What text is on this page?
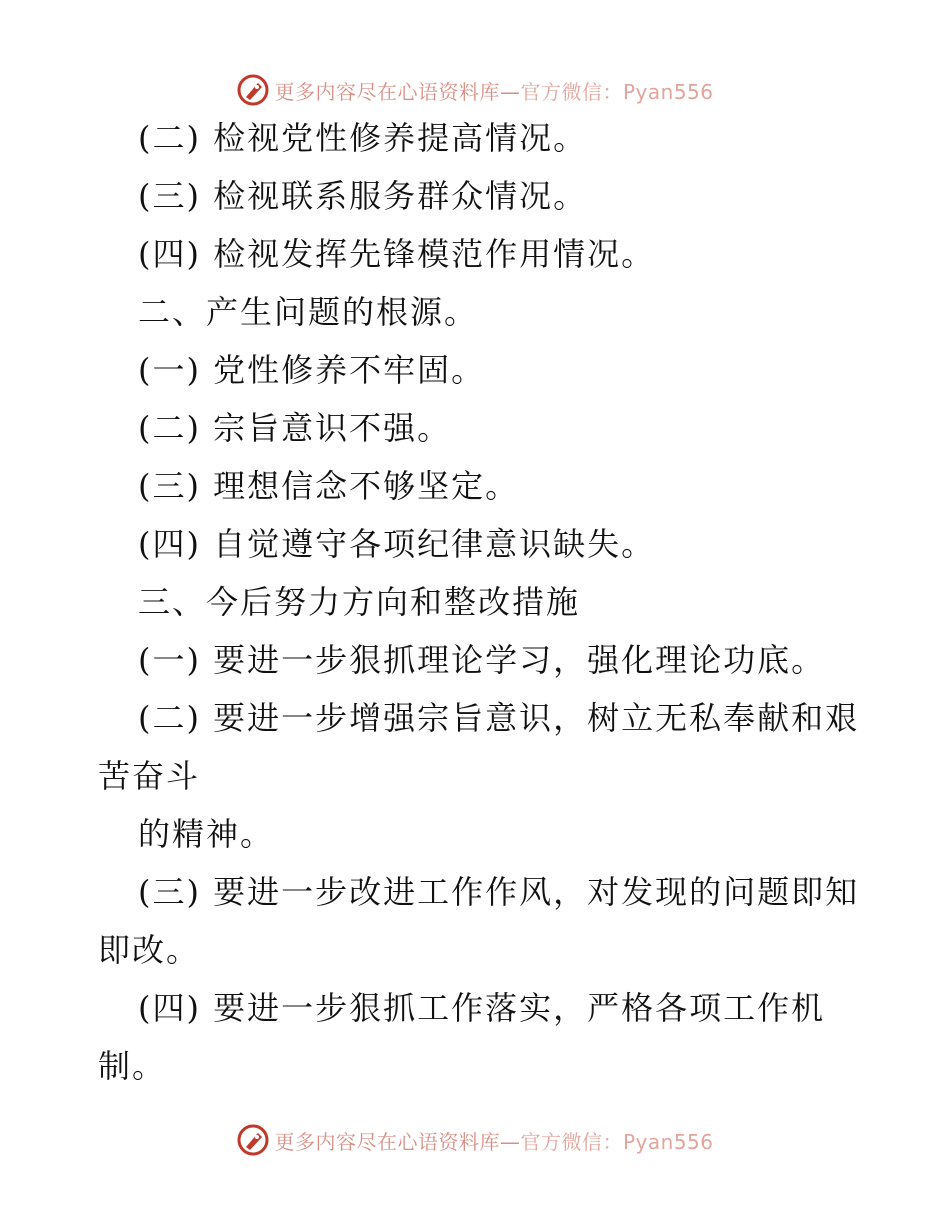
更多内容尽在心语资料库—官方微信：Pyan556
(二) 检视党性修养提高情况。
(三) 检视联系服务群众情况。
(四) 检视发挥先锋模范作用情况。
二、产生问题的根源。
(一) 党性修养不牢固。
(二) 宗旨意识不强。
(三) 理想信念不够坚定。
(四) 自觉遵守各项纪律意识缺失。
三、今后努力方向和整改措施
(一) 要进一步狠抓理论学习，强化理论功底。
(二) 要进一步增强宗旨意识，树立无私奉献和艰
苦奋斗
的精神。
(三) 要进一步改进工作作风，对发现的问题即知
即改。
(四) 要进一步狠抓工作落实，严格各项工作机
制。
更多内容尽在心语资料库—官方微信：Pyan556
